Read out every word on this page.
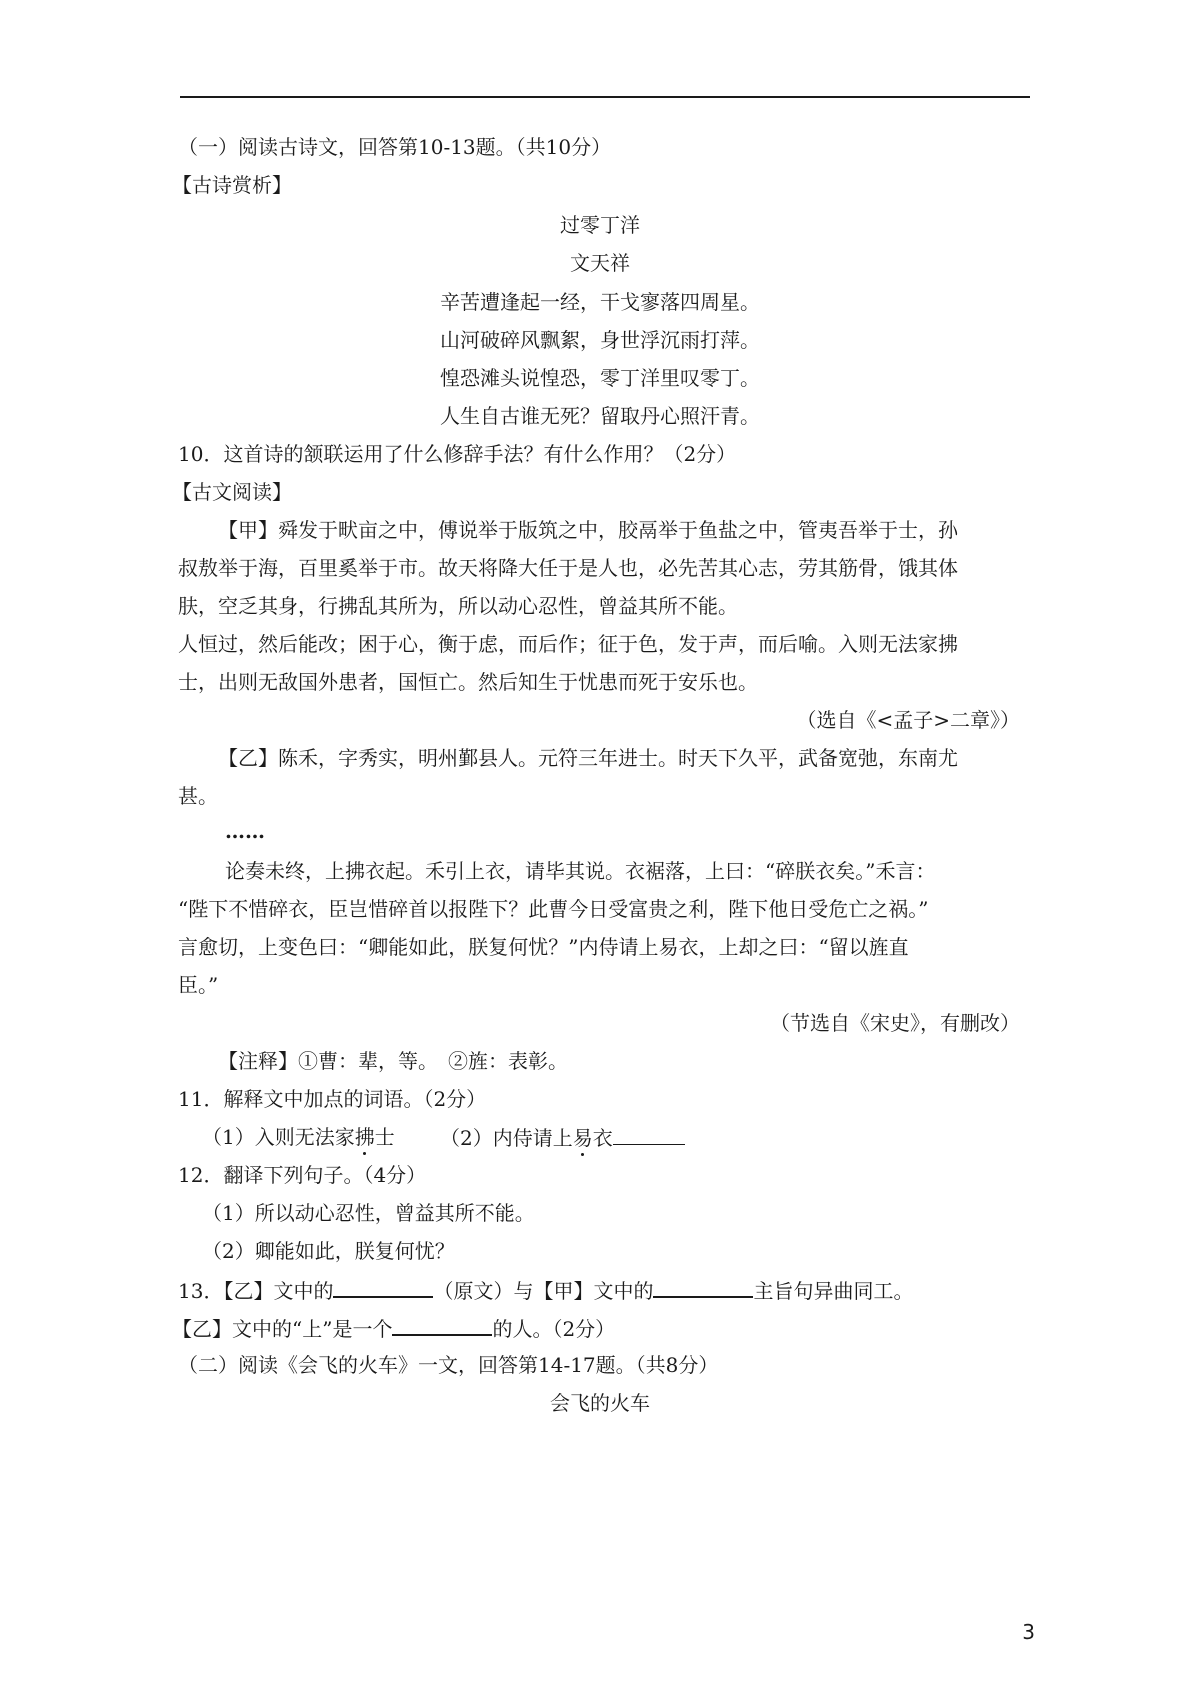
（一）阅读古诗文，回答第10-13题。（共10分）
【古诗赏析】
过零丁洋
文天祥
辛苦遭逢起一经，干戈寥落四周星。
山河破碎风飘絮，身世浮沉雨打萍。
惶恐滩头说惶恐，零丁洋里叹零丁。
人生自古谁无死？留取丹心照汗青。
10．这首诗的颔联运用了什么修辞手法？有什么作用？（2分）
【古文阅读】
【甲】舜发于畎亩之中，傅说举于版筑之中，胶鬲举于鱼盐之中，管夷吾举于士，孙
叔敖举于海，百里奚举于市。故天将降大任于是人也，必先苦其心志，劳其筋骨，饿其体
肤，空乏其身，行拂乱其所为，所以动心忍性，曾益其所不能。
人恒过，然后能改；困于心，衡于虑，而后作；征于色，发于声，而后喻。入则无法家拂
士，出则无敌国外患者，国恒亡。然后知生于忧患而死于安乐也。
（选自《<孟子>二章》）
【乙】陈禾，字秀实，明州鄞县人。元符三年进士。时天下久平，武备宽弛，东南尤
甚。
……
论奏未终，上拂衣起。禾引上衣，请毕其说。衣裾落，上曰：“碎朕衣矣。”禾言：
“陛下不惜碎衣，臣岂惜碎首以报陛下？此曹今日受富贵之利，陛下他日受危亡之祸。”
言愈切，上变色曰：“卿能如此，朕复何忧？”内侍请上易衣，上却之曰：“留以旌直
臣。”
（节选自《宋史》，有删改）
【注释】①曹：辈，等。　②旌：表彰。
11．解释文中加点的词语。（2分）
（1）入则无法家拂士 （2）内侍请上易衣
12．翻译下列句子。（4分）
（1）所以动心忍性，曾益其所不能。
（2）卿能如此，朕复何忧？
13．【乙】文中的	（原文）与【甲】文中的	主旨句异曲同工。
【乙】文中的“上”是一个	的人。（2分）
（二）阅读《会飞的火车》一文，回答第14-17题。（共8分）
会飞的火车
3
